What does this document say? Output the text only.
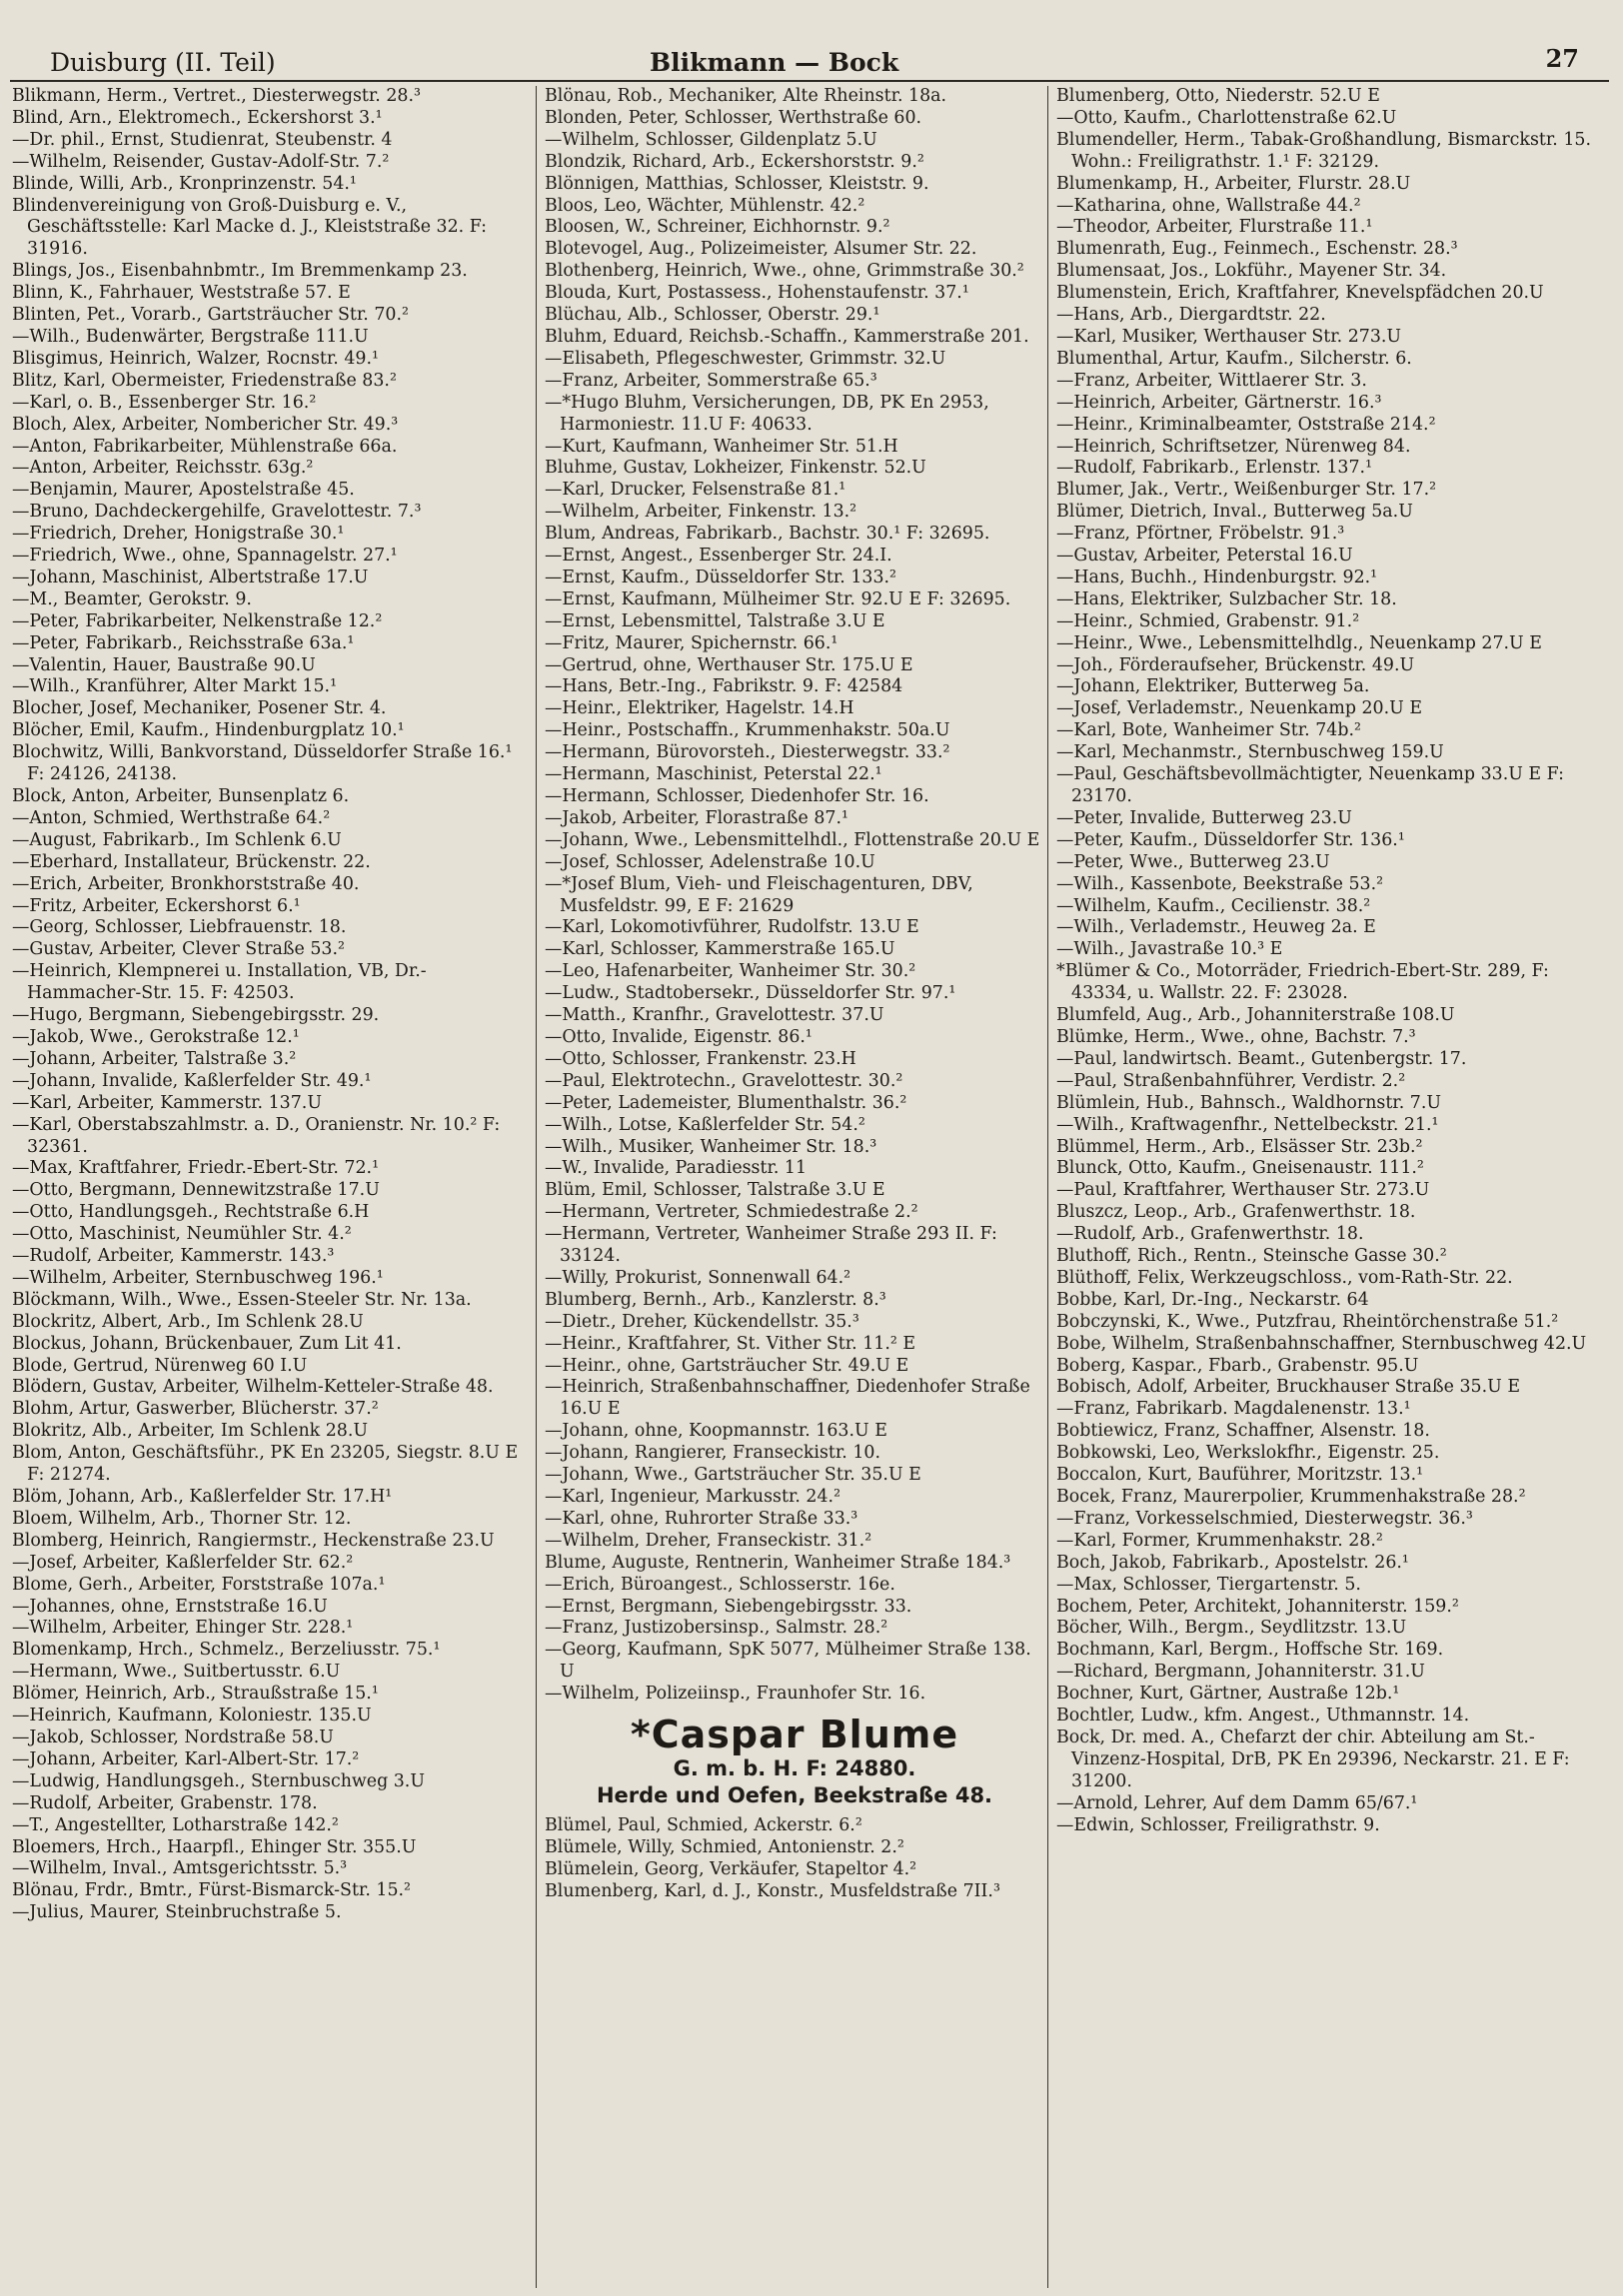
Duisburg (II. Teil)	Blikmann — Bock	27

Blikmann, Herm., Vertret., Diesterwegstr. 28.³

Blind, Arn., Elektromech., Eckershorst 3.¹

—Dr. phil., Ernst, Studienrat, Steubenstr. 4

—Wilhelm, Reisender, Gustav-Adolf-Str. 7.²

Blinde, Willi, Arb., Kronprinzenstr. 54.¹

Blindenvereinigung von Groß-Duisburg e. V., Geschäftsstelle: Karl Macke d. J., Kleiststraße 32. F: 31916.

Blings, Jos., Eisenbahnbmtr., Im Bremmenkamp 23.

Blinn, K., Fahrhauer, Weststraße 57. E

Blinten, Pet., Vorarb., Gartsträucher Str. 70.²

—Wilh., Budenwärter, Bergstraße 111.U

Blisgimus, Heinrich, Walzer, Rocnstr. 49.¹

Blitz, Karl, Obermeister, Friedenstraße 83.²

—Karl, o. B., Essenberger Str. 16.²

Bloch, Alex, Arbeiter, Nombericher Str. 49.³

—Anton, Fabrikarbeiter, Mühlenstraße 66a.

—Anton, Arbeiter, Reichsstr. 63g.²

—Benjamin, Maurer, Apostelstraße 45.

—Bruno, Dachdeckergehilfe, Gravelottestr. 7.³

—Friedrich, Dreher, Honigstraße 30.¹

—Friedrich, Wwe., ohne, Spannagelstr. 27.¹

—Johann, Maschinist, Albertstraße 17.U

—M., Beamter, Gerokstr. 9.

—Peter, Fabrikarbeiter, Nelkenstraße 12.²

—Peter, Fabrikarb., Reichsstraße 63a.¹

—Valentin, Hauer, Baustraße 90.U

—Wilh., Kranführer, Alter Markt 15.¹

Blocher, Josef, Mechaniker, Posener Str. 4.

Blöcher, Emil, Kaufm., Hindenburgplatz 10.¹

Blochwitz, Willi, Bankvorstand, Düsseldorfer Straße 16.¹ F: 24126, 24138.

Block, Anton, Arbeiter, Bunsenplatz 6.

—Anton, Schmied, Werthstraße 64.²

—August, Fabrikarb., Im Schlenk 6.U

—Eberhard, Installateur, Brückenstr. 22.

—Erich, Arbeiter, Bronkhorststraße 40.

—Fritz, Arbeiter, Eckershorst 6.¹

—Georg, Schlosser, Liebfrauenstr. 18.

—Gustav, Arbeiter, Clever Straße 53.²

—Heinrich, Klempnerei u. Installation, VB, Dr.-Hammacher-Str. 15. F: 42503.

—Hugo, Bergmann, Siebengebirgsstr. 29.

—Jakob, Wwe., Gerokstraße 12.¹

—Johann, Arbeiter, Talstraße 3.²

—Johann, Invalide, Kaßlerfelder Str. 49.¹

—Karl, Arbeiter, Kammerstr. 137.U

—Karl, Oberstabszahlmstr. a. D., Oranienstr. Nr. 10.² F: 32361.

—Max, Kraftfahrer, Friedr.-Ebert-Str. 72.¹

—Otto, Bergmann, Dennewitzstraße 17.U

—Otto, Handlungsgeh., Rechtstraße 6.H

—Otto, Maschinist, Neumühler Str. 4.²

—Rudolf, Arbeiter, Kammerstr. 143.³

—Wilhelm, Arbeiter, Sternbuschweg 196.¹

Blöckmann, Wilh., Wwe., Essen-Steeler Str. Nr. 13a.

Blockritz, Albert, Arb., Im Schlenk 28.U

Blockus, Johann, Brückenbauer, Zum Lit 41.

Blode, Gertrud, Nürenweg 60 I.U

Blödern, Gustav, Arbeiter, Wilhelm-Ketteler-Straße 48.

Blohm, Artur, Gaswerber, Blücherstr. 37.²

Blokritz, Alb., Arbeiter, Im Schlenk 28.U

Blom, Anton, Geschäftsführ., PK En 23205, Siegstr. 8.U E F: 21274.

Blöm, Johann, Arb., Kaßlerfelder Str. 17.H¹

Bloem, Wilhelm, Arb., Thorner Str. 12.

Blomberg, Heinrich, Rangiermstr., Heckenstraße 23.U

—Josef, Arbeiter, Kaßlerfelder Str. 62.²

Blome, Gerh., Arbeiter, Forststraße 107a.¹

—Johannes, ohne, Ernststraße 16.U

—Wilhelm, Arbeiter, Ehinger Str. 228.¹

Blomenkamp, Hrch., Schmelz., Berzeliusstr. 75.¹

—Hermann, Wwe., Suitbertusstr. 6.U

Blömer, Heinrich, Arb., Straußstraße 15.¹

—Heinrich, Kaufmann, Koloniestr. 135.U

—Jakob, Schlosser, Nordstraße 58.U

—Johann, Arbeiter, Karl-Albert-Str. 17.²

—Ludwig, Handlungsgeh., Sternbuschweg 3.U

—Rudolf, Arbeiter, Grabenstr. 178.

—T., Angestellter, Lotharstraße 142.²

Bloemers, Hrch., Haarpfl., Ehinger Str. 355.U

—Wilhelm, Inval., Amtsgerichtsstr. 5.³

Blönau, Frdr., Bmtr., Fürst-Bismarck-Str. 15.²

—Julius, Maurer, Steinbruchstraße 5.

Blönau, Rob., Mechaniker, Alte Rheinstr. 18a.

Blonden, Peter, Schlosser, Werthstraße 60.

—Wilhelm, Schlosser, Gildenplatz 5.U

Blondzik, Richard, Arb., Eckershorststr. 9.²

Blönnigen, Matthias, Schlosser, Kleiststr. 9.

Bloos, Leo, Wächter, Mühlenstr. 42.²

Bloosen, W., Schreiner, Eichhornstr. 9.²

Blotevogel, Aug., Polizeimeister, Alsumer Str. 22.

Blothenberg, Heinrich, Wwe., ohne, Grimmstraße 30.²

Blouda, Kurt, Postassess., Hohenstaufenstr. 37.¹

Blüchau, Alb., Schlosser, Oberstr. 29.¹

Bluhm, Eduard, Reichsb.-Schaffn., Kammerstraße 201.

—Elisabeth, Pflegeschwester, Grimmstr. 32.U

—Franz, Arbeiter, Sommerstraße 65.³

—*Hugo Bluhm, Versicherungen, DB, PK En 2953, Harmoniestr. 11.U F: 40633.

—Kurt, Kaufmann, Wanheimer Str. 51.H

Bluhme, Gustav, Lokheizer, Finkenstr. 52.U

—Karl, Drucker, Felsenstraße 81.¹

—Wilhelm, Arbeiter, Finkenstr. 13.²

Blum, Andreas, Fabrikarb., Bachstr. 30.¹ F: 32695.

—Ernst, Angest., Essenberger Str. 24.I.

—Ernst, Kaufm., Düsseldorfer Str. 133.²

—Ernst, Kaufmann, Mülheimer Str. 92.U E F: 32695.

—Ernst, Lebensmittel, Talstraße 3.U E

—Fritz, Maurer, Spichernstr. 66.¹

—Gertrud, ohne, Werthauser Str. 175.U E

—Hans, Betr.-Ing., Fabrikstr. 9. F: 42584

—Heinr., Elektriker, Hagelstr. 14.H

—Heinr., Postschaffn., Krummenhakstr. 50a.U

—Hermann, Bürovorsteh., Diesterwegstr. 33.²

—Hermann, Maschinist, Peterstal 22.¹

—Hermann, Schlosser, Diedenhofer Str. 16.

—Jakob, Arbeiter, Florastraße 87.¹

—Johann, Wwe., Lebensmittelhdl., Flottenstraße 20.U E

—Josef, Schlosser, Adelenstraße 10.U

—*Josef Blum, Vieh- und Fleischagenturen, DBV, Musfeldstr. 99, E F: 21629

—Karl, Lokomotivführer, Rudolfstr. 13.U E

—Karl, Schlosser, Kammerstraße 165.U

—Leo, Hafenarbeiter, Wanheimer Str. 30.²

—Ludw., Stadtobersekr., Düsseldorfer Str. 97.¹

—Matth., Kranfhr., Gravelottestr. 37.U

—Otto, Invalide, Eigenstr. 86.¹

—Otto, Schlosser, Frankenstr. 23.H

—Paul, Elektrotechn., Gravelottestr. 30.²

—Peter, Lademeister, Blumenthalstr. 36.²

—Wilh., Lotse, Kaßlerfelder Str. 54.²

—Wilh., Musiker, Wanheimer Str. 18.³

—W., Invalide, Paradiesstr. 11

Blüm, Emil, Schlosser, Talstraße 3.U E

—Hermann, Vertreter, Schmiedestraße 2.²

—Hermann, Vertreter, Wanheimer Straße 293 II. F: 33124.

—Willy, Prokurist, Sonnenwall 64.²

Blumberg, Bernh., Arb., Kanzlerstr. 8.³

—Dietr., Dreher, Kückendellstr. 35.³

—Heinr., Kraftfahrer, St. Vither Str. 11.² E

—Heinr., ohne, Gartsträucher Str. 49.U E

—Heinrich, Straßenbahnschaffner, Diedenhofer Straße 16.U E

—Johann, ohne, Koopmannstr. 163.U E

—Johann, Rangierer, Franseckistr. 10.

—Johann, Wwe., Gartsträucher Str. 35.U E

—Karl, Ingenieur, Markusstr. 24.²

—Karl, ohne, Ruhrorter Straße 33.³

—Wilhelm, Dreher, Franseckistr. 31.²

Blume, Auguste, Rentnerin, Wanheimer Straße 184.³

—Erich, Büroangest., Schlosserstr. 16e.

—Ernst, Bergmann, Siebengebirgsstr. 33.

—Franz, Justizobersinsp., Salmstr. 28.²

—Georg, Kaufmann, SpK 5077, Mülheimer Straße 138. U

—Wilhelm, Polizeiinsp., Fraunhofer Str. 16.

*Caspar Blume
G. m. b. H. F: 24880.
Herde und Oefen, Beekstraße 48.

Blümel, Paul, Schmied, Ackerstr. 6.²

Blümele, Willy, Schmied, Antonienstr. 2.²

Blümelein, Georg, Verkäufer, Stapeltor 4.²

Blumenberg, Karl, d. J., Konstr., Musfeldstraße 7II.³

Blumenberg, Otto, Niederstr. 52.U E

—Otto, Kaufm., Charlottenstraße 62.U

Blumendeller, Herm., Tabak-Großhandlung, Bismarckstr. 15. Wohn.: Freiligrathstr. 1.¹ F: 32129.

Blumenkamp, H., Arbeiter, Flurstr. 28.U

—Katharina, ohne, Wallstraße 44.²

—Theodor, Arbeiter, Flurstraße 11.¹

Blumenrath, Eug., Feinmech., Eschenstr. 28.³

Blumensaat, Jos., Lokführ., Mayener Str. 34.

Blumenstein, Erich, Kraftfahrer, Knevelspfädchen 20.U

—Hans, Arb., Diergardtstr. 22.

—Karl, Musiker, Werthauser Str. 273.U

Blumenthal, Artur, Kaufm., Silcherstr. 6.

—Franz, Arbeiter, Wittlaerer Str. 3.

—Heinrich, Arbeiter, Gärtnerstr. 16.³

—Heinr., Kriminalbeamter, Oststraße 214.²

—Heinrich, Schriftsetzer, Nürenweg 84.

—Rudolf, Fabrikarb., Erlenstr. 137.¹

Blumer, Jak., Vertr., Weißenburger Str. 17.²

Blümer, Dietrich, Inval., Butterweg 5a.U

—Franz, Pförtner, Fröbelstr. 91.³

—Gustav, Arbeiter, Peterstal 16.U

—Hans, Buchh., Hindenburgstr. 92.¹

—Hans, Elektriker, Sulzbacher Str. 18.

—Heinr., Schmied, Grabenstr. 91.²

—Heinr., Wwe., Lebensmittelhdlg., Neuenkamp 27.U E

—Joh., Förderaufseher, Brückenstr. 49.U

—Johann, Elektriker, Butterweg 5a.

—Josef, Verlademstr., Neuenkamp 20.U E

—Karl, Bote, Wanheimer Str. 74b.²

—Karl, Mechanmstr., Sternbuschweg 159.U

—Paul, Geschäftsbevollmächtigter, Neuenkamp 33.U E F: 23170.

—Peter, Invalide, Butterweg 23.U

—Peter, Kaufm., Düsseldorfer Str. 136.¹

—Peter, Wwe., Butterweg 23.U

—Wilh., Kassenbote, Beekstraße 53.²

—Wilhelm, Kaufm., Cecilienstr. 38.²

—Wilh., Verlademstr., Heuweg 2a. E

—Wilh., Javastraße 10.³ E

*Blümer & Co., Motorräder, Friedrich-Ebert-Str. 289, F: 43334, u. Wallstr. 22. F: 23028.

Blumfeld, Aug., Arb., Johanniterstraße 108.U

Blümke, Herm., Wwe., ohne, Bachstr. 7.³

—Paul, landwirtsch. Beamt., Gutenbergstr. 17.

—Paul, Straßenbahnführer, Verdistr. 2.²

Blümlein, Hub., Bahnsch., Waldhornstr. 7.U

—Wilh., Kraftwagenfhr., Nettelbeckstr. 21.¹

Blümmel, Herm., Arb., Elsässer Str. 23b.²

Blunck, Otto, Kaufm., Gneisenaustr. 111.²

—Paul, Kraftfahrer, Werthauser Str. 273.U

Bluszcz, Leop., Arb., Grafenwerthstr. 18.

—Rudolf, Arb., Grafenwerthstr. 18.

Bluthoff, Rich., Rentn., Steinsche Gasse 30.²

Blüthoff, Felix, Werkzeugschloss., vom-Rath-Str. 22.

Bobbe, Karl, Dr.-Ing., Neckarstr. 64

Bobczynski, K., Wwe., Putzfrau, Rheintörchenstraße 51.²

Bobe, Wilhelm, Straßenbahnschaffner, Sternbuschweg 42.U

Boberg, Kaspar., Fbarb., Grabenstr. 95.U

Bobisch, Adolf, Arbeiter, Bruckhauser Straße 35.U E

—Franz, Fabrikarb. Magdalenenstr. 13.¹

Bobtiewicz, Franz, Schaffner, Alsenstr. 18.

Bobkowski, Leo, Werkslokfhr., Eigenstr. 25.

Boccalon, Kurt, Bauführer, Moritzstr. 13.¹

Bocek, Franz, Maurerpolier, Krummenhakstraße 28.²

—Franz, Vorkesselschmied, Diesterwegstr. 36.³

—Karl, Former, Krummenhakstr. 28.²

Boch, Jakob, Fabrikarb., Apostelstr. 26.¹

—Max, Schlosser, Tiergartenstr. 5.

Bochem, Peter, Architekt, Johanniterstr. 159.²

Böcher, Wilh., Bergm., Seydlitzstr. 13.U

Bochmann, Karl, Bergm., Hoffsche Str. 169.

—Richard, Bergmann, Johanniterstr. 31.U

Bochner, Kurt, Gärtner, Austraße 12b.¹

Bochtler, Ludw., kfm. Angest., Uthmannstr. 14.

Bock, Dr. med. A., Chefarzt der chir. Abteilung am St.-Vinzenz-Hospital, DrB, PK En 29396, Neckarstr. 21. E F: 31200.

—Arnold, Lehrer, Auf dem Damm 65/67.¹

—Edwin, Schlosser, Freiligrathstr. 9.
